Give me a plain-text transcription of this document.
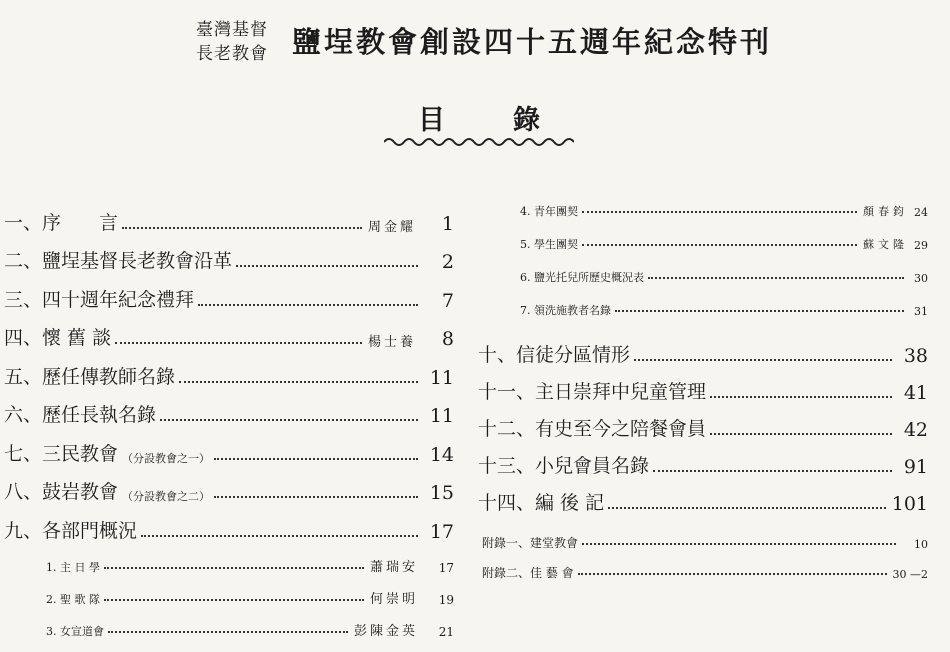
臺灣基督
長老教會 鹽埕教會創設四十五週年紀念特刊
目	錄
一、序　　言	周金耀	1
二、鹽埕基督長老教會沿革	2
三、四十週年紀念禮拜	7
四、懷 舊 談	楊士養	8
五、歷任傳教師名錄	11
六、歷任長執名錄	11
七、三民教會 （分設教會之一）	14
八、鼓岩教會 （分設教會之二）	15
九、各部門概況	17
1. 主 日 學	蕭瑞安	17
2. 聖 歌 隊	何崇明	19
3. 女宣道會	彭陳金英	21
4. 青年團契	顏春鈞 24
5. 學生團契	蘇文隆 29
6. 鹽光托兒所歷史概況表	30
7. 領洗施教者名錄	31
十、信徒分區情形	38
十一、主日崇拜中兒童管理	41
十二、有史至今之陪餐會員	42
十三、小兒會員名錄	91
十四、編 後 記	101
附錄一、建堂教會	10
附錄二、佳 藝 會	30 —2
